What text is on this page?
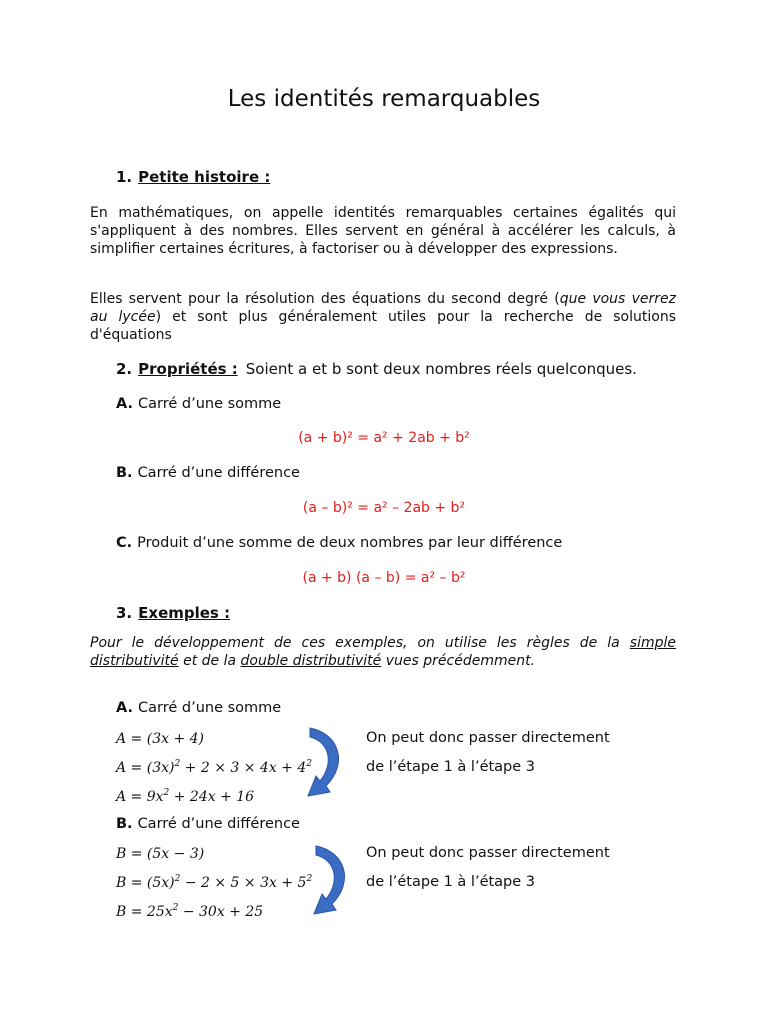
Les identités remarquables
1. Petite histoire :
En mathématiques, on appelle identités remarquables certaines égalités qui s'appliquent à des nombres. Elles servent en général à accélérer les calculs, à simplifier certaines écritures, à factoriser ou à développer des expressions.
Elles servent pour la résolution des équations du second degré (que vous verrez au lycée) et sont plus généralement utiles pour la recherche de solutions d'équations
2. Propriétés : Soient a et b sont deux nombres réels quelconques.
A. Carré d’une somme
(a + b)² = a² + 2ab + b²
B. Carré d’une différence
(a – b)² = a² – 2ab + b²
C. Produit d’une somme de deux nombres par leur différence
(a + b) (a – b) = a² – b²
3. Exemples :
Pour le développement de ces exemples, on utilise les règles de la simple distributivité et de la double distributivité vues précédemment.
A. Carré d’une somme
A = (3x + 4)
$A = (3x)^2 + 2 \times 3 \times 4x + 4^2$
$A = 9x^2 + 24x + 16$
On peut donc passer directement
de l’étape 1 à l’étape 3
B. Carré d’une différence
B = (5x − 3)
$B = (5x)^2 - 2 \times 5 \times 3x + 5^2$
$B = 25x^2 - 30x + 25$
On peut donc passer directement
de l’étape 1 à l’étape 3
